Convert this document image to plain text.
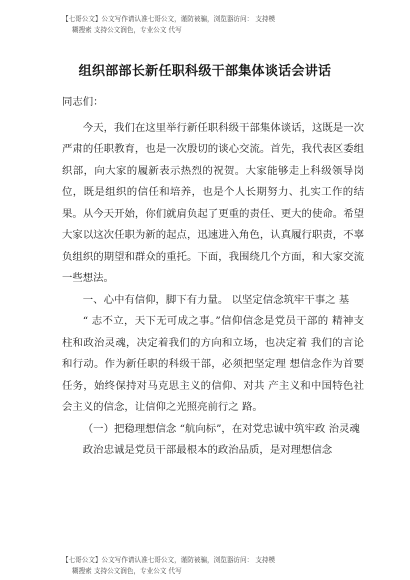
【七哥公文】公文写作请认准七哥公文，谨防被骗，浏览器访问： 支持模
糊搜索 支持公文润色，专业公文 代写
组织部部长新任职科级干部集体谈话会讲话

同志们：

今天，我们在这里举行新任职科级干部集体谈话，这既是一次严肃的任职教育，也是一次殷切的谈心交流。首先，我代表区委组织部，向大家的履新表示热烈的祝贺。大家能够走上科级领导岗位，既是组织的信任和培养，也是个人长期努力、扎实工作的结果。从今天开始，你们就肩负起了更重的责任、更大的使命。希望大家以这次任职为新的起点，迅速进入角色，认真履行职责，不辜负组织的期望和群众的重托。下面，我围绕几个方面，和大家交流一些想法。

一、心中有信仰，脚下有力量。 以坚定信念筑牢干事之 基

“ 志不立，天下无可成之事。”信仰信念是党员干部的 精神支柱和政治灵魂，决定着我们的方向和立场，也决定着 我们的言论和行动。作为新任职的科级干部，必须把坚定理 想信念作为首要任务，始终保持对马克思主义的信仰、对共 产主义和中国特色社会主义的信念，让信仰之光照亮前行之 路。

（一）把稳理想信念 “航向标”，在对党忠诚中筑牢政 治灵魂

政治忠诚是党员干部最根本的政治品质，是对理想信念

【七哥公文】公文写作请认准七哥公文，谨防被骗，浏览器访问： 支持模
糊搜索 支持公文润色，专业公文 代写
